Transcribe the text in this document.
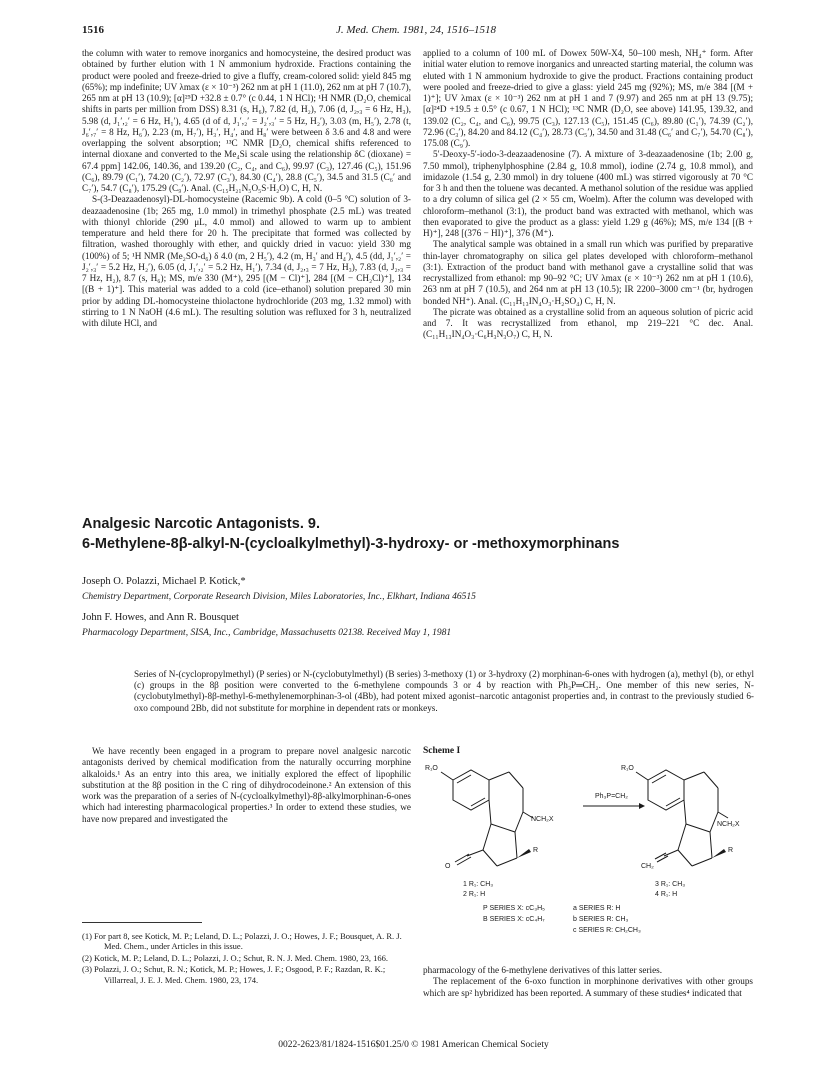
1516	J. Med. Chem. 1981, 24, 1516–1518

the column with water to remove inorganics and homocysteine, the desired product was obtained by further elution with 1 N ammonium hydroxide. Fractions containing the product were pooled and freeze-dried to give a fluffy, cream-colored solid: yield 845 mg (65%); mp indefinite; UV λmax (ε × 10⁻³) 262 nm at pH 1 (11.0), 262 nm at pH 7 (10.7), 265 nm at pH 13 (10.9); [α]²⁵D +32.8 ± 0.7° (c 0.44, 1 N HCl); ¹H NMR (D₂O, chemical shifts in parts per million from DSS) 8.31 (s, H₆), 7.82 (d, H₂), 7.06 (d, J₂,₃ = 6 Hz, H₃), 5.98 (d, J₁′,₂′ = 6 Hz, H₁′), 4.65 (d of d, J₁′,₂′ = J₂′,₃′ = 5 Hz, H₂′), 3.03 (m, H₅′), 2.78 (t, J₆′,₇′ = 8 Hz, H₆′), 2.23 (m, H₇′), H₃′, H₄′, and H₈′ were between δ 3.6 and 4.8 and were overlapping the solvent absorption; ¹³C NMR [D₂O, chemical shifts referenced to internal dioxane and converted to the Me₄Si scale using the relationship δC (dioxane) = 67.4 ppm] 142.06, 140.36, and 139.20 (C₂, C₄, and C₆), 99.97 (C₃), 127.46 (C₅), 151.96 (C₆), 89.79 (C₁′), 74.20 (C₂′), 72.97 (C₃′), 84.30 (C₄′), 28.8 (C₅′), 34.5 and 31.5 (C₆′ and C₇′), 54.7 (C₈′), 175.29 (C₉′). Anal. (C₁₅H₂₁N₅O₅S·H₂O) C, H, N.

S-(3-Deazaadenosyl)-DL-homocysteine (Racemic 9b). A cold (0–5 °C) solution of 3-deazaadenosine (1b; 265 mg, 1.0 mmol) in trimethyl phosphate (2.5 mL) was treated with thionyl chloride (290 μL, 4.0 mmol) and allowed to warm up to ambient temperature and held there for 20 h. The precipitate that formed was collected by filtration, washed thoroughly with ether, and quickly dried in vacuo: yield 330 mg (100%) of 5; ¹H NMR (Me₂SO-d₆) δ 4.0 (m, 2 H₅′), 4.2 (m, H₃′ and H₄′), 4.5 (dd, J₁′,₂′ = J₂′,₃′ = 5.2 Hz, H₂′), 6.05 (d, J₁′,₂′ = 5.2 Hz, H₁′), 7.34 (d, J₂,₃ = 7 Hz, H₃), 7.83 (d, J₂,₃ = 7 Hz, H₂), 8.7 (s, H₆); MS, m/e 330 (M⁺), 295 [(M − Cl)⁺], 284 [(M − CH₂Cl)⁺], 134 [(B + 1)⁺]. This material was added to a cold (ice–ethanol) solution prepared 30 min prior by adding DL-homocysteine thiolactone hydrochloride (203 mg, 1.32 mmol) with stirring to 1 N NaOH (4.6 mL). The resulting solution was refluxed for 3 h, neutralized with dilute HCl, and

applied to a column of 100 mL of Dowex 50W-X4, 50–100 mesh, NH₄⁺ form. After initial water elution to remove inorganics and unreacted starting material, the column was eluted with 1 N ammonium hydroxide to give the product. Fractions containing product were pooled and freeze-dried to give a glass: yield 245 mg (92%); MS, m/e 384 [(M + 1)⁺]; UV λmax (ε × 10⁻³) 262 nm at pH 1 and 7 (9.97) and 265 nm at pH 13 (9.75); [α]²⁴D +19.5 ± 0.5° (c 0.67, 1 N HCl); ¹³C NMR (D₂O, see above) 141.95, 139.32, and 139.02 (C₂, C₄, and C₆), 99.75 (C₃), 127.13 (C₅), 151.45 (C₆), 89.80 (C₁′), 74.39 (C₂′), 72.96 (C₃′), 84.20 and 84.12 (C₄′), 28.73 (C₅′), 34.50 and 31.48 (C₆′ and C₇′), 54.70 (C₈′), 175.08 (C₉′).

5′-Deoxy-5′-iodo-3-deazaadenosine (7). A mixture of 3-deazaadenosine (1b; 2.00 g, 7.50 mmol), triphenylphosphine (2.84 g, 10.8 mmol), iodine (2.74 g, 10.8 mmol), and imidazole (1.54 g, 2.30 mmol) in dry toluene (400 mL) was stirred vigorously at 70 °C for 3 h and then the toluene was decanted. A methanol solution of the residue was applied to a dry column of silica gel (2 × 55 cm, Woelm). After the column was developed with chloroform–methanol (3:1), the product band was extracted with methanol, which was then evaporated to give the product as a glass: yield 1.29 g (46%); MS, m/e 134 [(B + H)⁺], 248 [(376 − HI)⁺], 376 (M⁺).

The analytical sample was obtained in a small run which was purified by preparative thin-layer chromatography on silica gel plates developed with chloroform–methanol (3:1). Extraction of the product band with methanol gave a crystalline solid that was recrystallized from ethanol: mp 90–92 °C; UV λmax (ε × 10⁻³) 262 nm at pH 1 (10.6), 263 nm at pH 7 (10.5), and 264 nm at pH 13 (10.5); IR 2200–3000 cm⁻¹ (br, hydrogen bonded NH⁺). Anal. (C₁₁H₁₃IN₄O₃·H₂SO₄) C, H, N.

The picrate was obtained as a crystalline solid from an aqueous solution of picric acid and 7. It was recrystallized from ethanol, mp 219–221 °C dec. Anal. (C₁₁H₁₃IN₄O₃·C₆H₃N₃O₇) C, H, N.

Analgesic Narcotic Antagonists. 9.
6-Methylene-8β-alkyl-N-(cycloalkylmethyl)-3-hydroxy- or -methoxymorphinans
Joseph O. Polazzi, Michael P. Kotick,*
Chemistry Department, Corporate Research Division, Miles Laboratories, Inc., Elkhart, Indiana 46515
John F. Howes, and Ann R. Bousquet
Pharmacology Department, SISA, Inc., Cambridge, Massachusetts 02138. Received May 1, 1981
Series of N-(cyclopropylmethyl) (P series) or N-(cyclobutylmethyl) (B series) 3-methoxy (1) or 3-hydroxy (2) morphinan-6-ones with hydrogen (a), methyl (b), or ethyl (c) groups in the 8β position were converted to the 6-methylene compounds 3 or 4 by reaction with Ph₃P═CH₂. One member of this new series, N-(cyclobutylmethyl)-8β-methyl-6-methylenemorphinan-3-ol (4Bb), had potent mixed agonist–narcotic antagonist properties and, in contrast to the previously studied 6-oxo compound 2Bb, did not substitute for morphine in dependent rats or monkeys.

We have recently been engaged in a program to prepare novel analgesic narcotic antagonists derived by chemical modification from the naturally occurring morphine alkaloids.¹ As an entry into this area, we initially explored the effect of lipophilic substitution at the 8β position in the C ring of dihydrocodeinone.² An extension of this work was the preparation of a series of N-(cycloalkylmethyl)-8β-alkylmorphinan-6-ones which had interesting pharmacological properties.³ In order to extend these studies, we have now prepared and investigated the

(1) For part 8, see Kotick, M. P.; Leland, D. L.; Polazzi, J. O.; Howes, J. F.; Bousquet, A. R. J. Med. Chem., under Articles in this issue.
(2) Kotick, M. P.; Leland, D. L.; Polazzi, J. O.; Schut, R. N. J. Med. Chem. 1980, 23, 166.
(3) Polazzi, J. O.; Schut, R. N.; Kotick, M. P.; Howes, J. F.; Osgood, P. F.; Razdan, R. K.; Villarreal, J. E. J. Med. Chem. 1980, 23, 174.
Scheme I
R₁O
NCH₂X
R
O
Ph₃P=CH₂
R₁O
NCH₂X
R
CH₂
1 R₁: CH₃
2 R₁: H
3 R₁: CH₃
4 R₁: H
P SERIES X: cC₃H₅
B SERIES X: cC₄H₇
a SERIES R: H
b SERIES R: CH₃
c SERIES R: CH₂CH₃

pharmacology of the 6-methylene derivatives of this latter series.

The replacement of the 6-oxo function in morphinone derivatives with other groups which are sp² hybridized has been reported. A summary of these studies⁴ indicated that

0022-2623/81/1824-1516$01.25/0 © 1981 American Chemical Society
